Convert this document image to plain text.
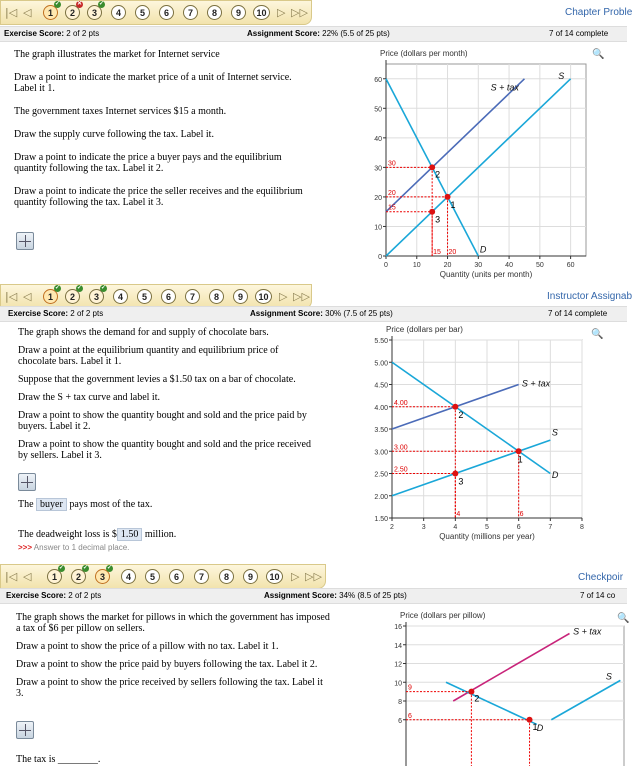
|◁ ◁	1
✓
2
✕
3
✓
4	5	6	7	8	9	10 ▷ ▷▷	Chapter Proble
Exercise Score: 2 of 2 pts	Assignment Score: 22% (5.5 of 25 pts)	7 of 14 complete
The graph illustrates the market for Internet service
Draw a point to indicate the market price of a unit of Internet service. Label it 1.
The government taxes Internet services $15 a month.
Draw the supply curve following the tax. Label it.
Draw a point to indicate the price a buyer pays and the equilibrium quantity following the tax. Label it 2.
Draw a point to indicate the price the seller receives and the equilibrium quantity following the tax. Label it 3.
0
10
20
30
40
50
60
0	10	20	30	40	50	60
Price (dollars per month)
Quantity (units per month)
D
S
S + tax
1
2
3
30
20
15
15 20
🔍
|◁ ◁	1
✓
2
✓
3
✓
4	5	6	7	8	9	10 ▷ ▷▷	Instructor Assignab
Exercise Score: 2 of 2 pts	Assignment Score: 30% (7.5 of 25 pts)	7 of 14 complete
The graph shows the demand for and supply of chocolate bars.
Draw a point at the equilibrium quantity and equilibrium price of chocolate bars. Label it 1.
Suppose that the government levies a $1.50 tax on a bar of chocolate.
Draw the S + tax curve and label it.
Draw a point to show the quantity bought and sold and the price paid by buyers. Label it 2.
Draw a point to show the quantity bought and sold and the price received by sellers. Label it 3.
The buyer pays most of the tax.
The deadweight loss is $ 1.50 million.
>>> Answer to 1 decimal place.
1.50
2.00
2.50
3.00
3.50
4.00
4.50
5.00
5.50
2	3	4	5	6	7	8
Price (dollars per bar)
Quantity (millions per year)
D
S
S + tax
1
2
3
4.00
3.00
2.50
4	6
🔍
|◁ ◁	1
✓
2
✓
3
✓
4	5	6	7	8	9	10	▷ ▷▷	Checkpoir
Exercise Score: 2 of 2 pts	Assignment Score: 34% (8.5 of 25 pts)	7 of 14 co
The graph shows the market for pillows in which the government has imposed a tax of $6 per pillow on sellers.
Draw a point to show the price of a pillow with no tax. Label it 1.
Draw a point to show the price paid by buyers following the tax. Label it 2.
Draw a point to show the price received by sellers following the tax. Label it 3.
The tax is ________.
6
8
10
12
14
16
Price (dollars per pillow)
S + tax
S
D
2
1
9
6
🔍
